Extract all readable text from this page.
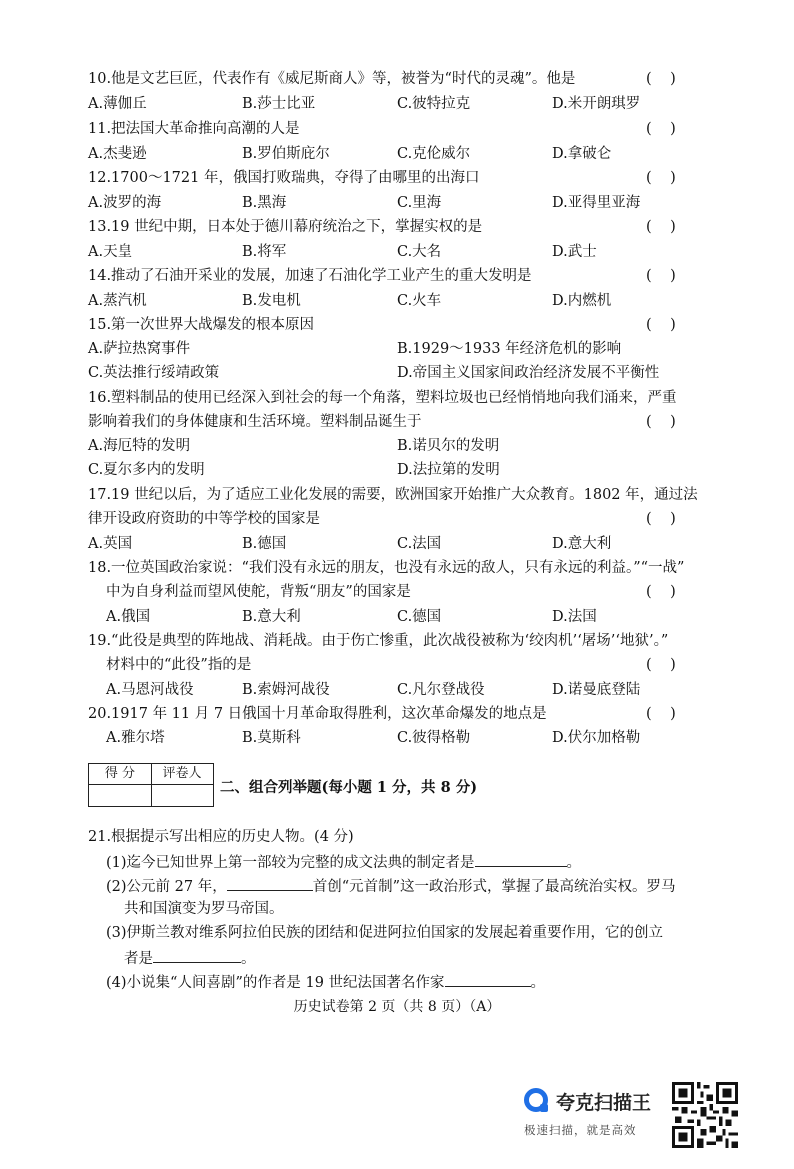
10.他是文艺巨匠，代表作有《威尼斯商人》等，被誉为“时代的灵魂”。他是	(    )
A.薄伽丘	B.莎士比亚	C.彼特拉克	D.米开朗琪罗
11.把法国大革命推向高潮的人是	(    )
A.杰斐逊	B.罗伯斯庇尔	C.克伦威尔	D.拿破仑
12.1700～1721 年，俄国打败瑞典，夺得了由哪里的出海口	(    )
A.波罗的海	B.黑海	C.里海	D.亚得里亚海
13.19 世纪中期，日本处于德川幕府统治之下，掌握实权的是	(    )
A.天皇	B.将军	C.大名	D.武士
14.推动了石油开采业的发展，加速了石油化学工业产生的重大发明是	(    )
A.蒸汽机	B.发电机	C.火车	D.内燃机
15.第一次世界大战爆发的根本原因	(    )
A.萨拉热窝事件	B.1929～1933 年经济危机的影响
C.英法推行绥靖政策	D.帝国主义国家间政治经济发展不平衡性
16.塑料制品的使用已经深入到社会的每一个角落，塑料垃圾也已经悄悄地向我们涌来，严重
影响着我们的身体健康和生活环境。塑料制品诞生于	(    )
A.海厄特的发明	B.诺贝尔的发明
C.夏尔多内的发明	D.法拉第的发明
17.19 世纪以后，为了适应工业化发展的需要，欧洲国家开始推广大众教育。1802 年，通过法
律开设政府资助的中等学校的国家是	(    )
A.英国	B.德国	C.法国	D.意大利
18.一位英国政治家说：“我们没有永远的朋友，也没有永远的敌人，只有永远的利益。”“一战”
中为自身利益而望风使舵，背叛“朋友”的国家是	(    )
A.俄国	B.意大利	C.德国	D.法国
19.“此役是典型的阵地战、消耗战。由于伤亡惨重，此次战役被称为‘绞肉机’‘屠场’‘地狱’。”
材料中的“此役”指的是	(    )
A.马恩河战役	B.索姆河战役	C.凡尔登战役	D.诺曼底登陆
20.1917 年 11 月 7 日俄国十月革命取得胜利，这次革命爆发的地点是	(    )
A.雅尔塔	B.莫斯科	C.彼得格勒	D.伏尔加格勒
得 分	评卷人
二、组合列举题(每小题 1 分，共 8 分)
21.根据提示写出相应的历史人物。(4 分)
(1)迄今已知世界上第一部较为完整的成文法典的制定者是	。
(2)公元前 27 年，	首创“元首制”这一政治形式，掌握了最高统治实权。罗马
共和国演变为罗马帝国。
(3)伊斯兰教对维系阿拉伯民族的团结和促进阿拉伯国家的发展起着重要作用，它的创立
者是	。
(4)小说集“人间喜剧”的作者是 19 世纪法国著名作家	。
历史试卷第 2 页（共 8 页）（A）
夸克扫描王
极速扫描，就是高效
